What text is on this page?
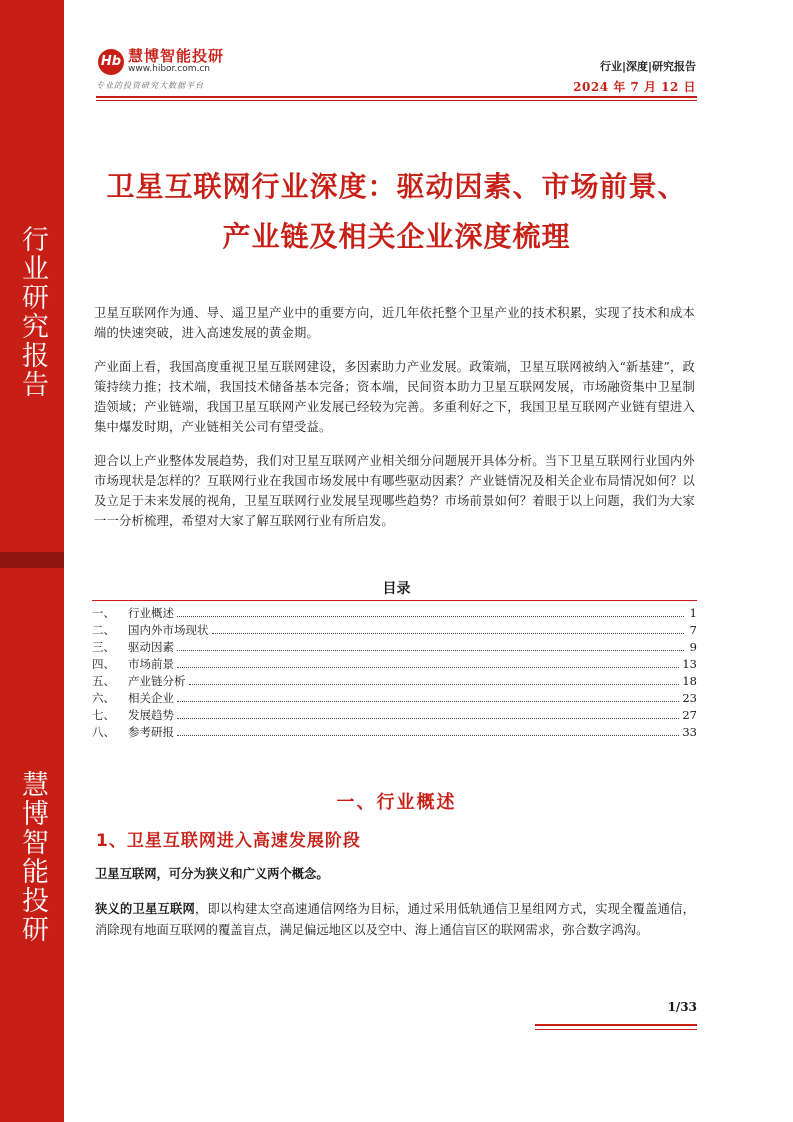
行业研究报告
慧博智能投研
Hb 慧博智能投研
www.hibor.com.cn
专业的投资研究大数据平台
行业|深度|研究报告
2024 年 7 月 12 日
卫星互联网行业深度：驱动因素、市场前景、
产业链及相关企业深度梳理

卫星互联网作为通、导、遥卫星产业中的重要方向，近几年依托整个卫星产业的技术积累，实现了技术和成本端的快速突破，进入高速发展的黄金期。

产业面上看，我国高度重视卫星互联网建设，多因素助力产业发展。政策端，卫星互联网被纳入“新基建”，政策持续力推；技术端，我国技术储备基本完备；资本端，民间资本助力卫星互联网发展，市场融资集中卫星制造领域；产业链端，我国卫星互联网产业发展已经较为完善。多重利好之下，我国卫星互联网产业链有望进入集中爆发时期，产业链相关公司有望受益。

迎合以上产业整体发展趋势，我们对卫星互联网产业相关细分问题展开具体分析。当下卫星互联网行业国内外市场现状是怎样的？互联网行业在我国市场发展中有哪些驱动因素？产业链情况及相关企业布局情况如何？以及立足于未来发展的视角，卫星互联网行业发展呈现哪些趋势？市场前景如何？着眼于以上问题，我们为大家一一分析梳理，希望对大家了解互联网行业有所启发。

目录
一、	行业概述	1
二、	国内外市场现状	7
三、	驱动因素	9
四、	市场前景	13
五、	产业链分析	18
六、	相关企业	23
七、	发展趋势	27
八、	参考研报	33
一、行业概述
1、卫星互联网进入高速发展阶段
卫星互联网，可分为狭义和广义两个概念。
狭义的卫星互联网，即以构建太空高速通信网络为目标，通过采用低轨通信卫星组网方式，实现全覆盖通信，消除现有地面互联网的覆盖盲点，满足偏远地区以及空中、海上通信盲区的联网需求，弥合数字鸿沟。
1/33
